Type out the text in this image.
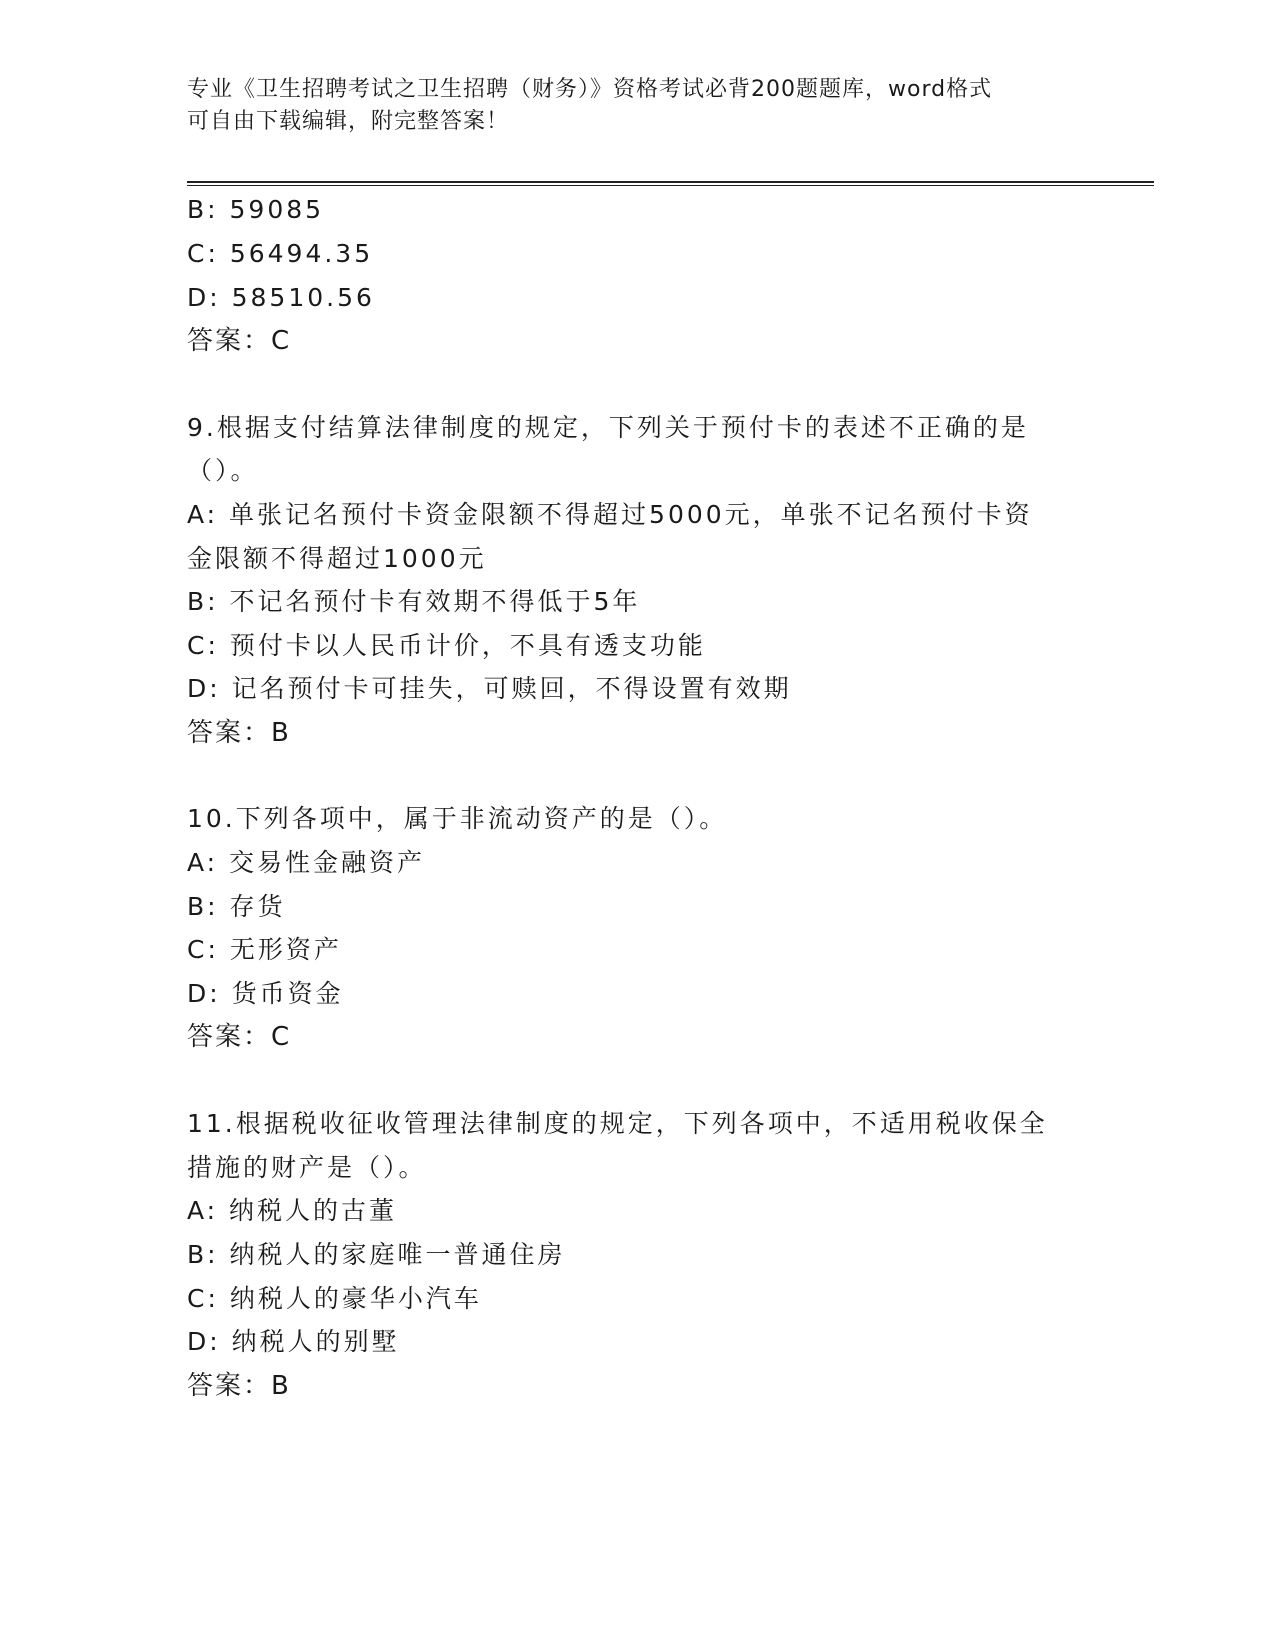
专业《卫生招聘考试之卫生招聘（财务）》资格考试必背200题题库，word格式
可自由下载编辑，附完整答案！
B: 59085
C: 56494.35
D: 58510.56
答案：C
9.根据支付结算法律制度的规定，下列关于预付卡的表述不正确的是
（）。
A: 单张记名预付卡资金限额不得超过5000元，单张不记名预付卡资
金限额不得超过1000元
B: 不记名预付卡有效期不得低于5年
C: 预付卡以人民币计价，不具有透支功能
D: 记名预付卡可挂失，可赎回，不得设置有效期
答案：B
10.下列各项中，属于非流动资产的是（）。
A: 交易性金融资产
B: 存货
C: 无形资产
D: 货币资金
答案：C
11.根据税收征收管理法律制度的规定，下列各项中，不适用税收保全
措施的财产是（）。
A: 纳税人的古董
B: 纳税人的家庭唯一普通住房
C: 纳税人的豪华小汽车
D: 纳税人的别墅
答案：B
